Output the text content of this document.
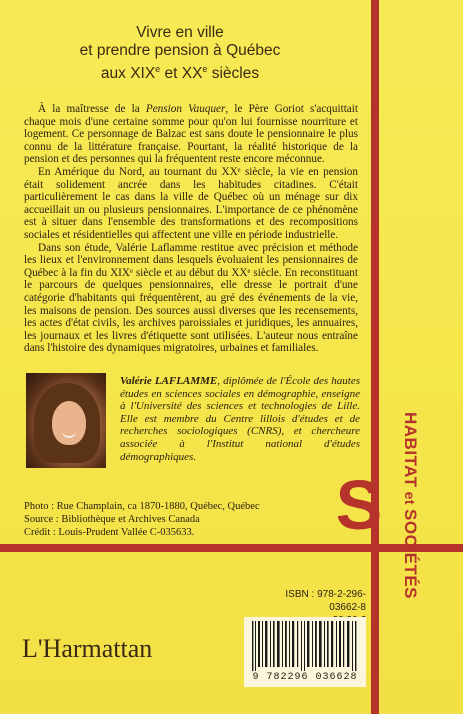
Vivre en ville
et prendre pension à Québec
aux XIXe et XXe siècles

À la maîtresse de la Pension Vauquer, le Père Goriot s'acquittait chaque mois d'une certaine somme pour qu'on lui fournisse nourriture et logement. Ce personnage de Balzac est sans doute le pensionnaire le plus connu de la littérature française. Pourtant, la réalité historique de la pension et des personnes qui la fréquentent reste encore méconnue.

En Amérique du Nord, au tournant du XXᵉ siècle, la vie en pension était solidement ancrée dans les habitudes citadines. C'était particulièrement le cas dans la ville de Québec où un ménage sur dix accueillait un ou plusieurs pensionnaires. L'importance de ce phénomène est à situer dans l'ensemble des transformations et des recompositions sociales et résidentielles qui affectent une ville en période industrielle.

Dans son étude, Valérie Laflamme restitue avec précision et méthode les lieux et l'environnement dans lesquels évoluaient les pensionnaires de Québec à la fin du XIXᵉ siècle et au début du XXᵉ siècle. En reconstituant le parcours de quelques pensionnaires, elle dresse le portrait d'une catégorie d'habitants qui fréquentèrent, au gré des événements de la vie, les maisons de pension. Des sources aussi diverses que les recensements, les actes d'état civils, les archives paroissiales et juridiques, les annuaires, les journaux et les livres d'étiquette sont utilisées. L'auteur nous entraîne dans l'histoire des dynamiques migratoires, urbaines et familiales.

Valérie LAFLAMME, diplômée de l'École des hautes études en sciences sociales en démographie, enseigne à l'Université des sciences et technologies de Lille. Elle est membre du Centre lillois d'études et de recherches sociologiques (CNRS), et chercheure associée à l'Institut national d'études démographiques.
Photo : Rue Champlain, ca 1870-1880, Québec, Québec
Source : Bibliothèque et Archives Canada
Crédit : Louis-Prudent Vallée C-035633.
ISBN : 978-2-296-03662-8
9 782296 036628
L'Harmattan
S
HABITATetSOCIÉTÉS
